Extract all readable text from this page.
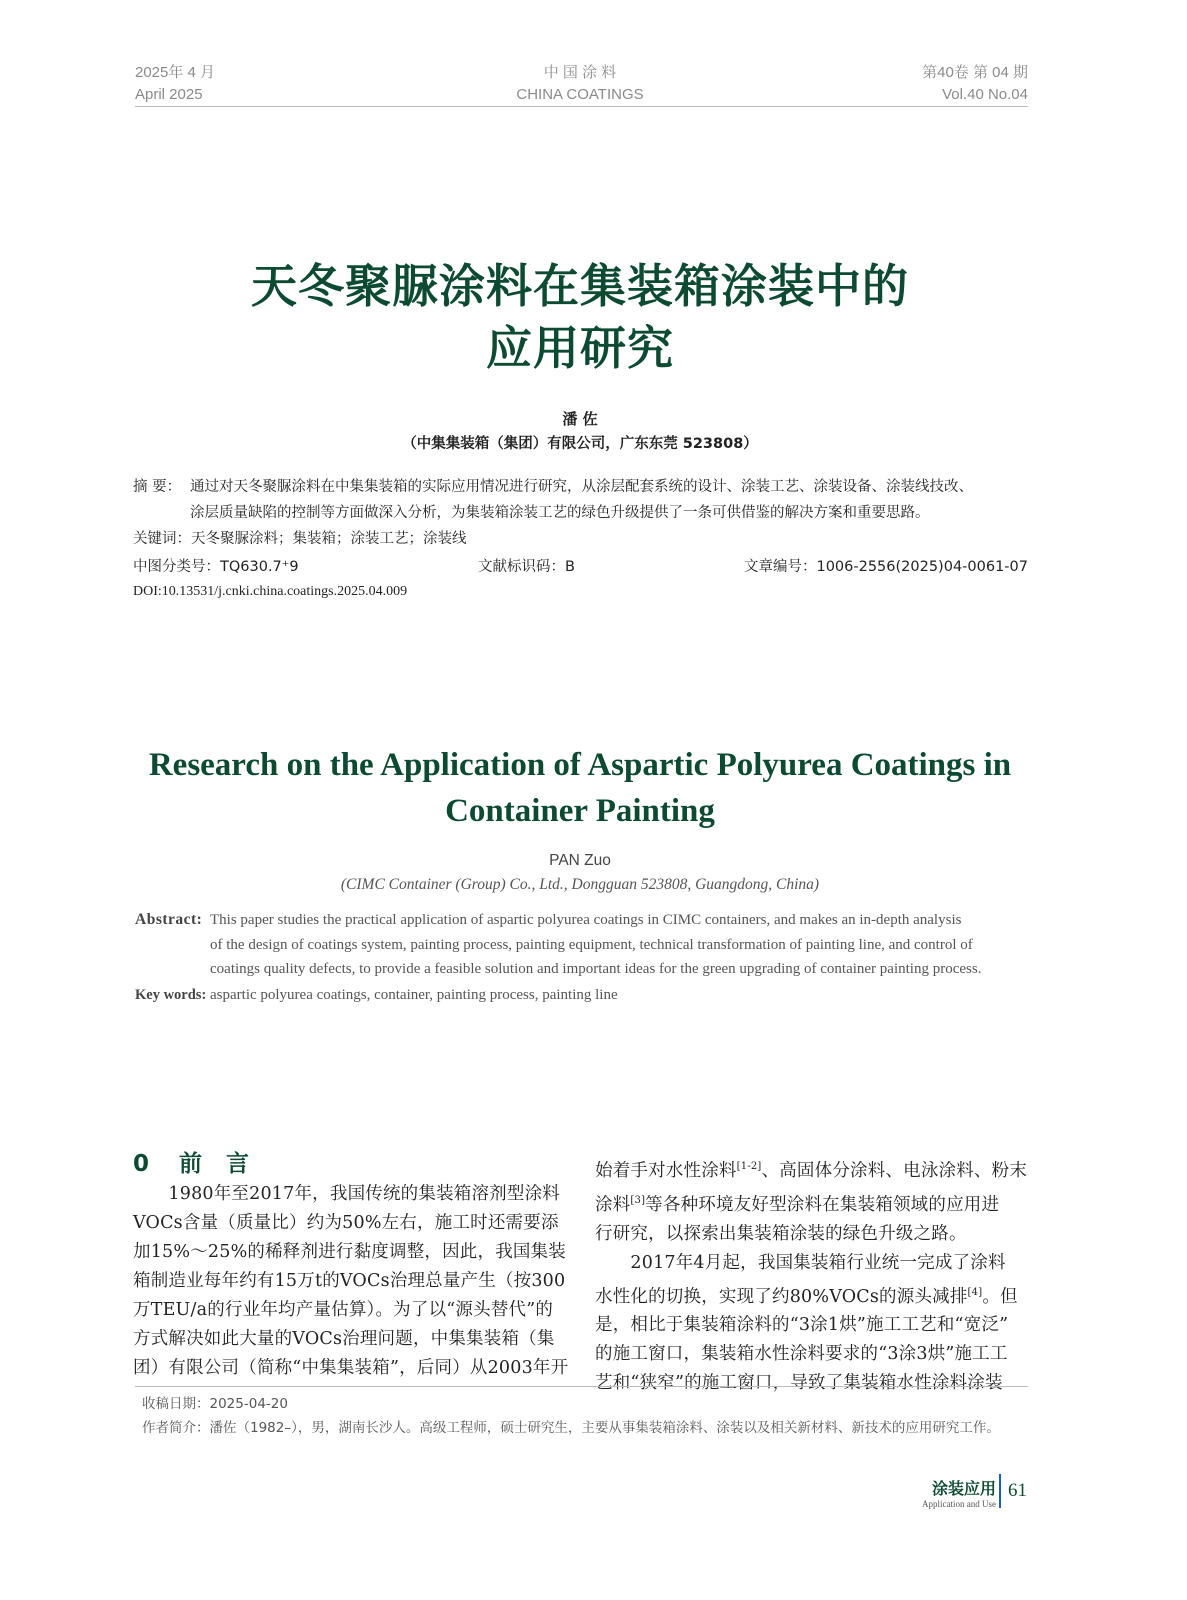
2025年 4 月
April 2025
中 国 涂 料
CHINA COATINGS
第40卷 第 04 期
Vol.40 No.04
天冬聚脲涂料在集装箱涂装中的
应用研究
潘 佐
（中集集装箱（集团）有限公司，广东东莞 523808）
摘 要： 通过对天冬聚脲涂料在中集集装箱的实际应用情况进行研究，从涂层配套系统的设计、涂装工艺、涂装设备、涂装线技改、
涂层质量缺陷的控制等方面做深入分析，为集装箱涂装工艺的绿色升级提供了一条可供借鉴的解决方案和重要思路。
关键词：天冬聚脲涂料；集装箱；涂装工艺；涂装线
中图分类号：TQ630.7⁺9	文献标识码：B	文章编号：1006-2556(2025)04-0061-07
DOI:10.13531/j.cnki.china.coatings.2025.04.009
Research on the Application of Aspartic Polyurea Coatings in
Container Painting
PAN Zuo
(CIMC Container (Group) Co., Ltd., Dongguan 523808, Guangdong, China)
Abstract: This paper studies the practical application of aspartic polyurea coatings in CIMC containers, and makes an in-depth analysis
of the design of coatings system, painting process, painting equipment, technical transformation of painting line, and control of
coatings quality defects, to provide a feasible solution and important ideas for the green upgrading of container painting process.
Key words: aspartic polyurea coatings, container, painting process, painting line
0 前   言
　　1980年至2017年，我国传统的集装箱溶剂型涂料
VOCs含量（质量比）约为50%左右，施工时还需要添
加15%～25%的稀释剂进行黏度调整，因此，我国集装
箱制造业每年约有15万t的VOCs治理总量产生（按300
万TEU/a的行业年均产量估算）。为了以“源头替代”的
方式解决如此大量的VOCs治理问题，中集集装箱（集
团）有限公司（简称“中集集装箱”，后同）从2003年开
始着手对水性涂料[1-2]、高固体分涂料、电泳涂料、粉末
涂料[3]等各种环境友好型涂料在集装箱领域的应用进
行研究，以探索出集装箱涂装的绿色升级之路。
　　2017年4月起，我国集装箱行业统一完成了涂料
水性化的切换，实现了约80%VOCs的源头减排[4]。但
是，相比于集装箱涂料的“3涂1烘”施工工艺和“宽泛”
的施工窗口，集装箱水性涂料要求的“3涂3烘”施工工
艺和“狭窄”的施工窗口，导致了集装箱水性涂料涂装
收稿日期：2025-04-20
作者简介：潘佐（1982–），男，湖南长沙人。高级工程师，硕士研究生，主要从事集装箱涂料、涂装以及相关新材料、新技术的应用研究工作。
涂装应用
Application and Use
61
